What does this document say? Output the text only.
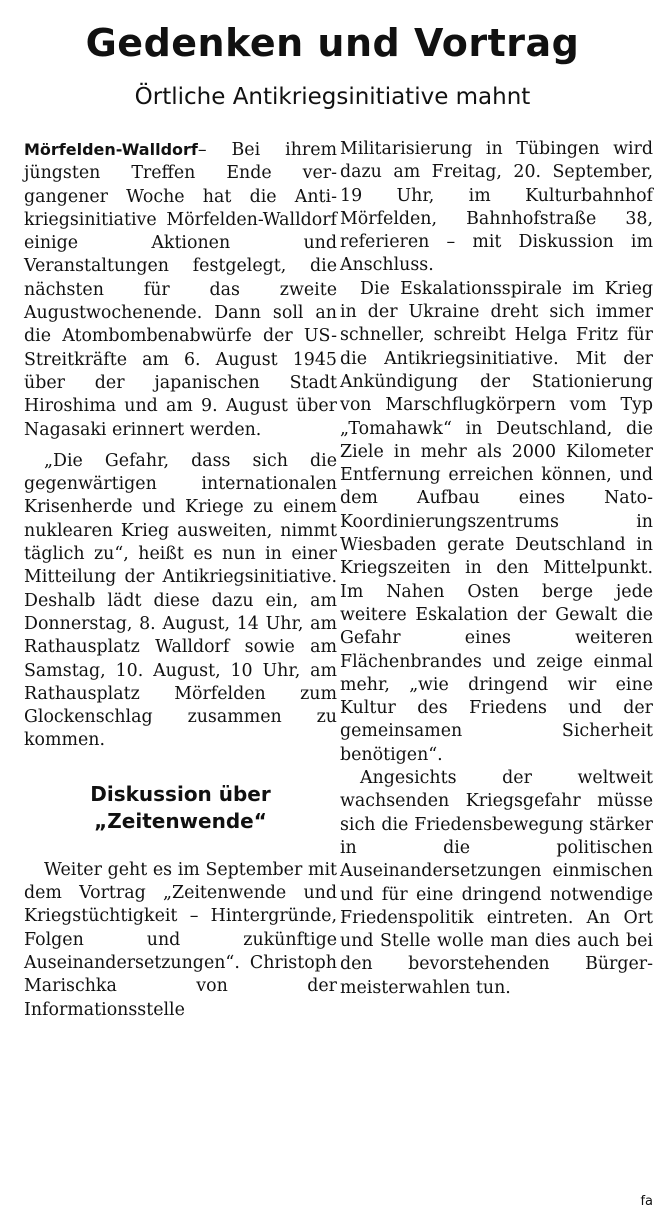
Gedenken und Vortrag
Örtliche Antikriegsinitiative mahnt

Mörfelden-Walldorf– Bei ihrem jüngsten Treffen Ende vergangener Woche hat die Antikriegsinitiative Mörfelden-Walldorf einige Aktionen und Veranstaltungen festgelegt, die nächsten für das zweite Augustwochenende. Dann soll an die Atombombenabwürfe der US-Streitkräfte am 6. August 1945 über der japanischen Stadt Hiroshima und am 9. August über Nagasaki erinnert werden.

„Die Gefahr, dass sich die gegenwärtigen internationalen Krisenherde und Kriege zu einem nuklearen Krieg ausweiten, nimmt täglich zu“, heißt es nun in einer Mitteilung der Antikriegsinitiative. Deshalb lädt diese dazu ein, am Donnerstag, 8. August, 14 Uhr, am Rathausplatz Walldorf sowie am Samstag, 10. August, 10 Uhr, am Rathausplatz Mörfelden zum Glockenschlag zusammen zu kommen.

Diskussion über
„Zeitenwende“

Weiter geht es im September mit dem Vortrag „Zeitenwende und Kriegstüchtigkeit – Hintergründe, Folgen und zukünftige Auseinandersetzungen“. Christoph Marischka von der Informationsstelle

Militarisierung in Tübingen wird dazu am Freitag, 20. September, 19 Uhr, im Kulturbahnhof Mörfelden, Bahnhofstraße 38, referieren – mit Diskussion im Anschluss.

Die Eskalationsspirale im Krieg in der Ukraine dreht sich immer schneller, schreibt Helga Fritz für die Antikriegsinitiative. Mit der Ankündigung der Stationierung von Marschflugkörpern vom Typ „Tomahawk“ in Deutschland, die Ziele in mehr als 2000 Kilometer Entfernung erreichen können, und dem Aufbau eines Nato-Koordinierungszentrums in Wiesbaden gerate Deutschland in Kriegszeiten in den Mittelpunkt. Im Nahen Osten berge jede weitere Eskalation der Gewalt die Gefahr eines weiteren Flächenbrandes und zeige einmal mehr, „wie dringend wir eine Kultur des Friedens und der gemeinsamen Sicherheit benötigen“.

Angesichts der weltweit wachsenden Kriegsgefahr müsse sich die Friedensbewegung stärker in die politischen Auseinandersetzungen einmischen und für eine dringend notwendige Friedenspolitik eintreten. An Ort und Stelle wolle man dies auch bei den bevorstehenden Bürgermeisterwahlen tun.

fa
